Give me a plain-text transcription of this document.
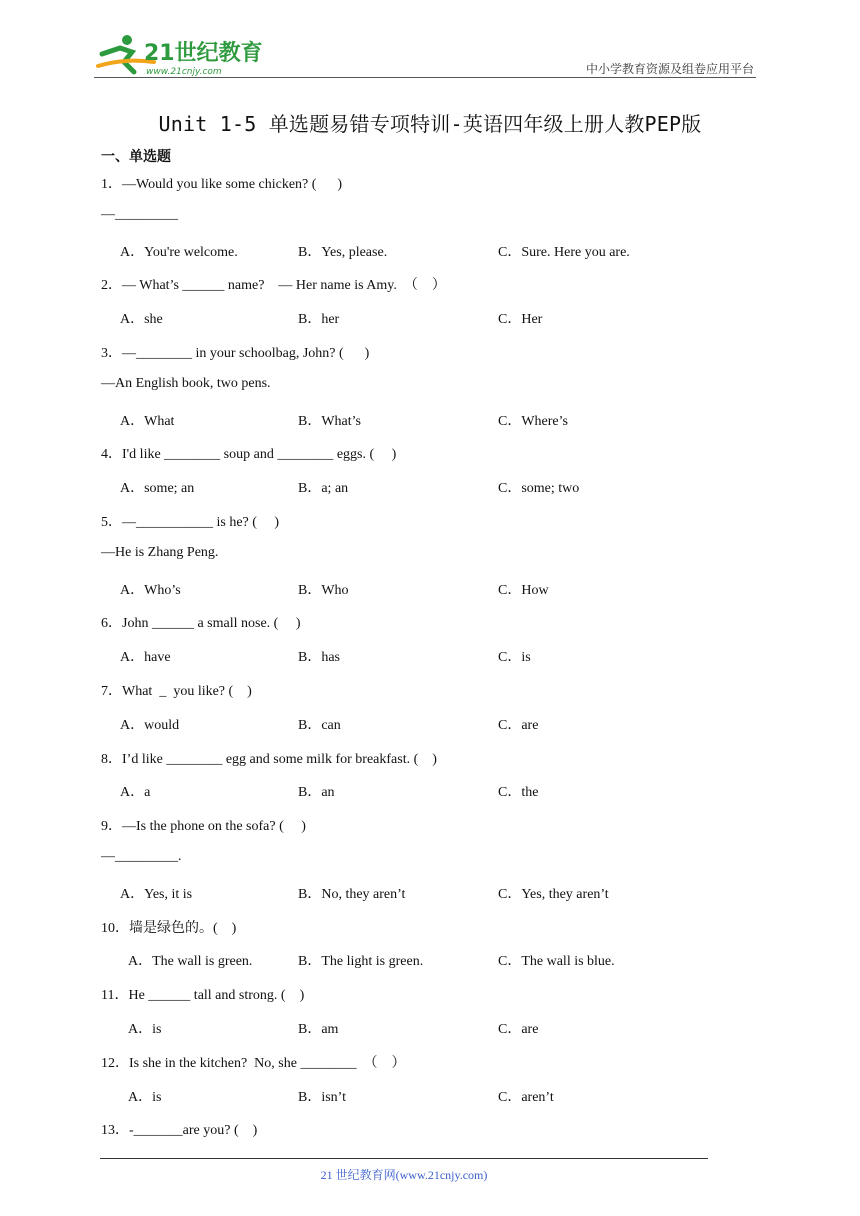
21世纪教育
www.21cnjy.com	中小学教育资源及组卷应用平台
Unit 1-5 单选题易错专项特训-英语四年级上册人教PEP版
一、单选题
1．—Would you like some chicken? (      )
—_________
A．You're welcome.	B．Yes, please.	C．Sure. Here you are.
2．— What’s ______ name?    — Her name is Amy.  （    ）
A．she	B．her	C．Her
3．—________ in your schoolbag, John? (      )
—An English book, two pens.
A．What	B．What’s	C．Where’s
4．I'd like ________ soup and ________ eggs. (     )
A．some; an	B．a; an	C．some; two
5．—___________ is he? (     )
—He is Zhang Peng.
A．Who’s	B．Who	C．How
6．John ______ a small nose. (     )
A．have	B．has	C．is
7．What  _  you like? (    )
A．would	B．can	C．are
8．I’d like ________ egg and some milk for breakfast. (    )
A．a	B．an	C．the
9．—Is the phone on the sofa? (     )
—_________.
A．Yes, it is	B．No, they aren’t	C．Yes, they aren’t
10．墙是绿色的。(    )
A．The wall is green.	B．The light is green.	C．The wall is blue.
11．He ______ tall and strong. (    )
A．is	B．am	C．are
12．Is she in the kitchen?  No, she ________  （    ）
A．is	B．isn’t	C．aren’t
13．-_______are you? (    )
21 世纪教育网(www.21cnjy.com)
